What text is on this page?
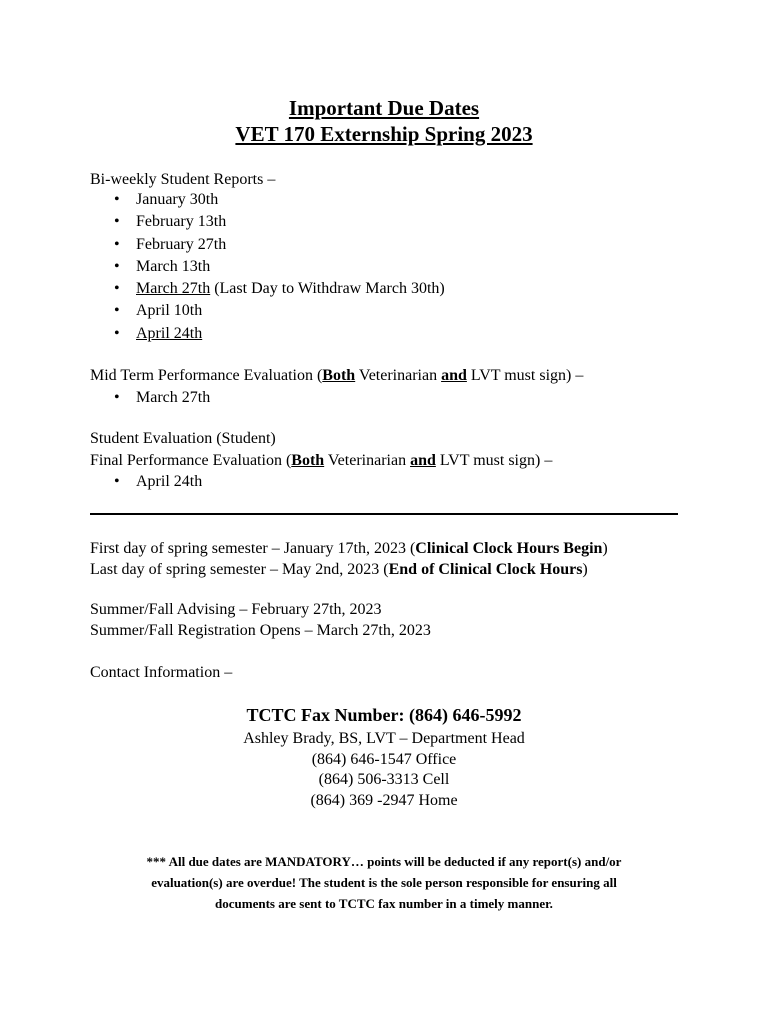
Important Due Dates
VET 170 Externship Spring 2023
Bi-weekly Student Reports –
• January 30th
• February 13th
• February 27th
• March 13th
• March 27th (Last Day to Withdraw March 30th)
• April 10th
• April 24th
Mid Term Performance Evaluation (Both Veterinarian and LVT must sign) –
• March 27th
Student Evaluation (Student)
Final Performance Evaluation (Both Veterinarian and LVT must sign) –
• April 24th
First day of spring semester – January 17th, 2023 (Clinical Clock Hours Begin)
Last day of spring semester – May 2nd, 2023 (End of Clinical Clock Hours)
Summer/Fall Advising – February 27th, 2023
Summer/Fall Registration Opens – March 27th, 2023
Contact Information –
TCTC Fax Number: (864) 646-5992
Ashley Brady, BS, LVT – Department Head
(864) 646-1547 Office
(864) 506-3313 Cell
(864) 369 -2947 Home
*** All due dates are MANDATORY… points will be deducted if any report(s) and/or
evaluation(s) are overdue! The student is the sole person responsible for ensuring all
documents are sent to TCTC fax number in a timely manner.
